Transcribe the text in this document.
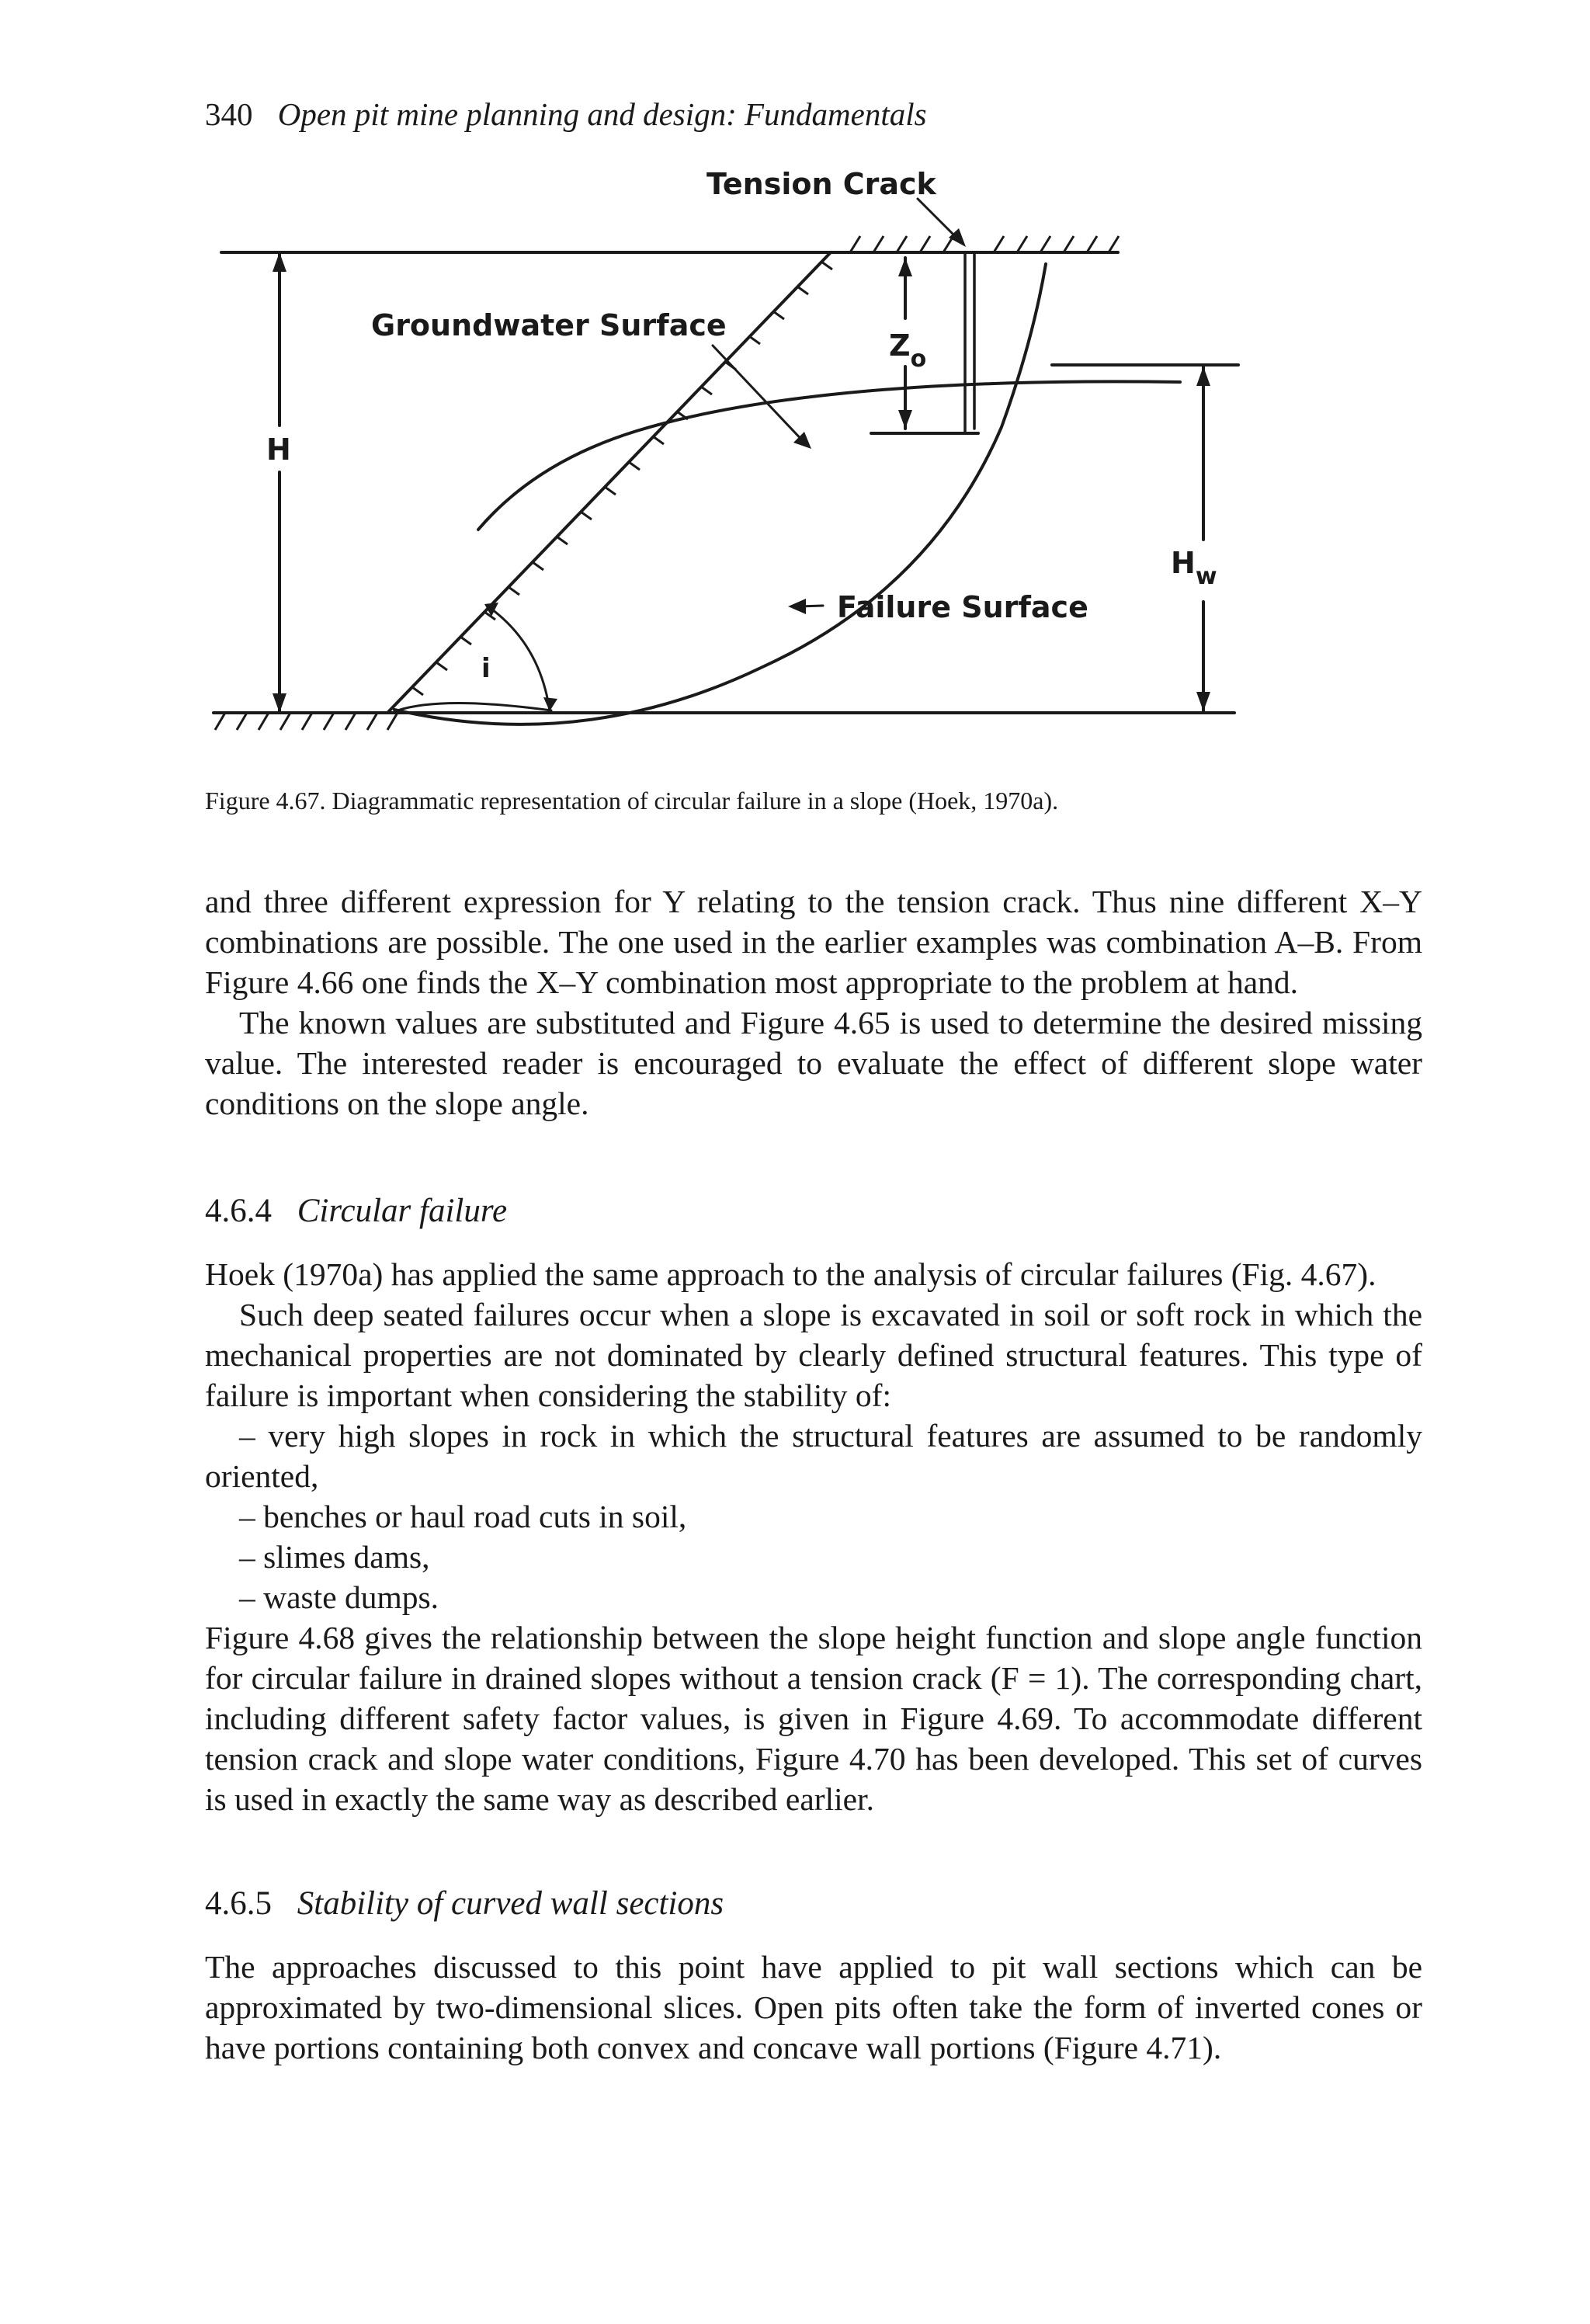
340 Open pit mine planning and design: Fundamentals
Tension Crack
Groundwater Surface
Failure Surface
H
$H_w$
$Z_o$
i
Figure 4.67. Diagrammatic representation of circular failure in a slope (Hoek, 1970a).

and three different expression for Y relating to the tension crack. Thus nine different X–Y combinations are possible. The one used in the earlier examples was combination A–B. From Figure 4.66 one finds the X–Y combination most appropriate to the problem at hand.

The known values are substituted and Figure 4.65 is used to determine the desired missing value. The interested reader is encouraged to evaluate the effect of different slope water conditions on the slope angle.

4.6.4 Circular failure

Hoek (1970a) has applied the same approach to the analysis of circular failures (Fig. 4.67).

Such deep seated failures occur when a slope is excavated in soil or soft rock in which the mechanical properties are not dominated by clearly defined structural features. This type of failure is important when considering the stability of:

– very high slopes in rock in which the structural features are assumed to be randomly oriented,

– benches or haul road cuts in soil,

– slimes dams,

– waste dumps.

Figure 4.68 gives the relationship between the slope height function and slope angle function for circular failure in drained slopes without a tension crack (F = 1). The corresponding chart, including different safety factor values, is given in Figure 4.69. To accommodate different tension crack and slope water conditions, Figure 4.70 has been developed. This set of curves is used in exactly the same way as described earlier.

4.6.5 Stability of curved wall sections

The approaches discussed to this point have applied to pit wall sections which can be approximated by two-dimensional slices. Open pits often take the form of inverted cones or have portions containing both convex and concave wall portions (Figure 4.71).
